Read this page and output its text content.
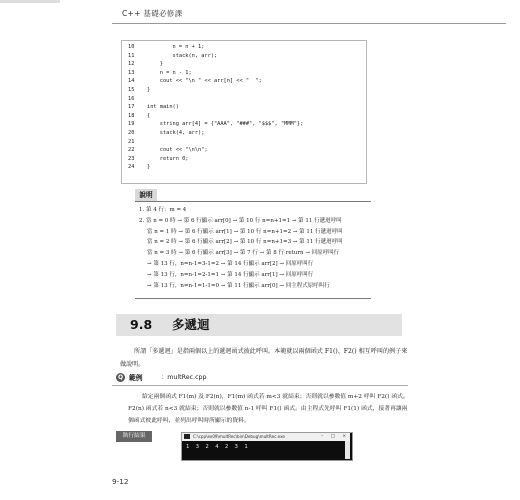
C++ 基礎必修課
10	n = n + 1;
11	stack(n, arr);
12	}
13	n = n - 1;
14	cout << "\n " << arr[n] << "  ";
15	}
16
17	int main()
18	{
19	string arr[4] = {"AAA", "###", "$$$", "MMM"};
20	stack(4, arr);
21
22	cout << "\n\n";
23	return 0;
24	}
說明
1. 第 4 行：m = 4
2. 當 n = 0 時 → 第 6 行顯示 arr[0] → 第 10 行 n=n+1=1 → 第 11 行遞迴呼叫
當 n = 1 時 → 第 6 行顯示 arr[1] → 第 10 行 n=n+1=2 → 第 11 行遞迴呼叫
當 n = 2 時 → 第 6 行顯示 arr[2] → 第 10 行 n=n+1=3 → 第 11 行遞迴呼叫
當 n = 3 時 → 第 6 行顯示 arr[3] → 第 7 行 → 第 8 行 return → 回原呼叫行
→ 第 13 行，n=n-1=3-1=2 → 第 14 行顯示 arr[2] → 回原呼叫行
→ 第 13 行，n=n-1=2-1=1 → 第 14 行顯示 arr[1] → 回原呼叫行
→ 第 13 行，n=n-1=1-1=0 → 第 11 行顯示 arr[0] → 回主程式原呼叫行
9.8 多遞迴
所謂「多遞迴」是指兩個以上的遞迴函式彼此呼叫。本範就以兩個函式 F1()、F2() 相互呼叫的例子來做說明。
Q 範例	：multRec.cpp
給定兩個函式 F1(m) 及 F2(n)，F1(m) 函式若 m<3 就結束；否則就以參數值 m+2 呼叫 F2() 函式。F2(n) 函式若 n<3 就結束；否則就以參數值 n-1 呼叫 F1() 函式。由主程式先呼叫 F1(1) 函式，接著再讓兩個函式彼此呼叫，並列出呼叫時所顯示的資料。
執行結果	C:\cpp\ex09\multRec\bin\Debug\multRec.exe	– □ ×
1  3  2  4  2  3  1
9-12
